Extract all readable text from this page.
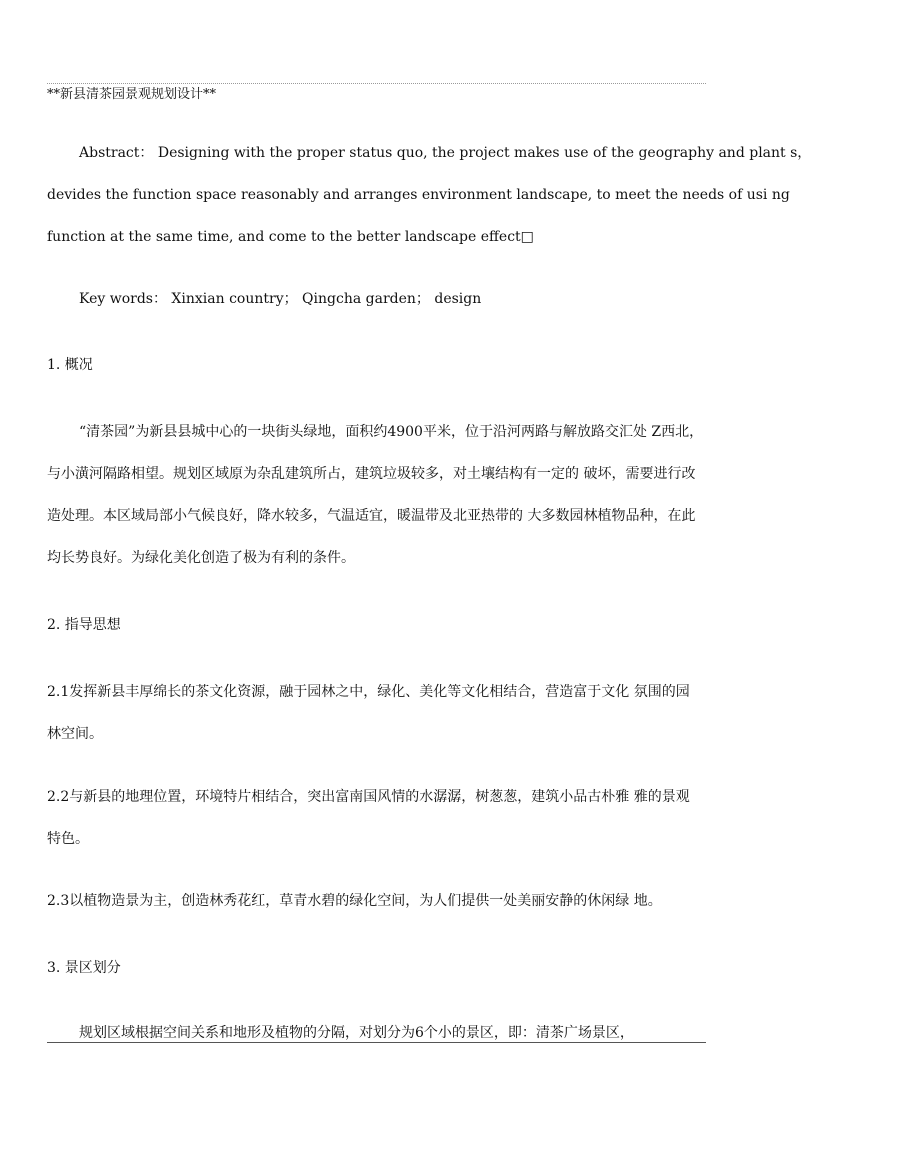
**新县清茶园景观规划设计**
Abstract： Designing with the proper status quo, the project makes use of the geography and plant s，
devides the function space reasonably and arranges environment landscape, to meet the needs of usi ng
function at the same time, and come to the better landscape effect□
Key words： Xinxian country； Qingcha garden； design
1. 概况
“清茶园”为新县县城中心的一块街头绿地，面积约4900平米，位于沿河两路与解放路交汇处 Z西北，
与小潢河隔路相望。规划区域原为杂乱建筑所占，建筑垃圾较多，对土壤结构有一定的 破坏，需要进行改
造处理。本区域局部小气候良好，降水较多，气温适宜，暖温带及北亚热带的 大多数园林植物品种，在此
均长势良好。为绿化美化创造了极为有利的条件。
2. 指导思想
2.1发挥新县丰厚绵长的茶文化资源，融于园林之中，绿化、美化等文化相结合，营造富于文化 氛围的园
林空间。
2.2与新县的地理位置，环境特片相结合，突出富南国风情的水潺潺，树葱葱，建筑小品古朴雅 雅的景观
特色。
2.3以植物造景为主，创造林秀花红，草青水碧的绿化空间，为人们提供一处美丽安静的休闲绿 地。
3. 景区划分
规划区域根据空间关系和地形及植物的分隔，对划分为6个小的景区，即：清茶广场景区，
